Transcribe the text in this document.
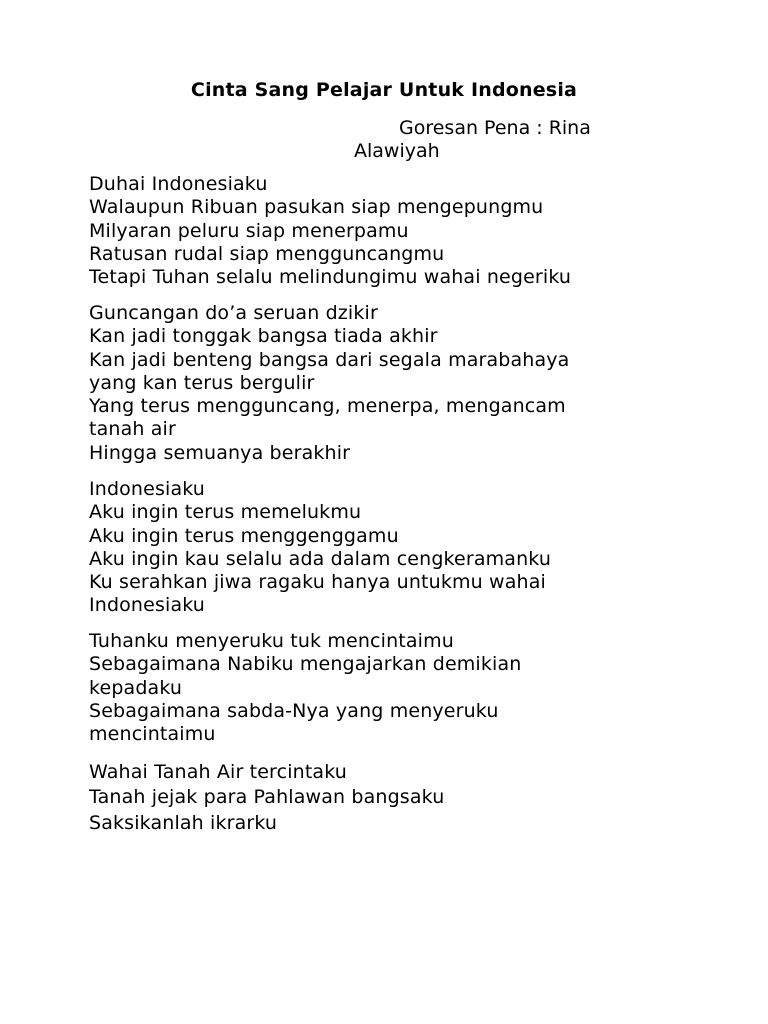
Cinta Sang Pelajar Untuk Indonesia
Goresan Pena : Rina Alawiyah
Duhai Indonesiaku
Walaupun Ribuan pasukan siap mengepungmu
Milyaran peluru siap menerpamu
Ratusan rudal siap mengguncangmu
Tetapi Tuhan selalu melindungimu wahai negeriku
Guncangan do’a seruan dzikir
Kan jadi tonggak bangsa tiada akhir
Kan jadi benteng bangsa dari segala marabahaya
yang kan terus bergulir
Yang terus mengguncang, menerpa, mengancam
tanah air
Hingga semuanya berakhir
Indonesiaku
Aku ingin terus memelukmu
Aku ingin terus menggenggamu
Aku ingin kau selalu ada dalam cengkeramanku
Ku serahkan jiwa ragaku hanya untukmu wahai
Indonesiaku
Tuhanku menyeruku tuk mencintaimu
Sebagaimana Nabiku mengajarkan demikian
kepadaku
Sebagaimana sabda-Nya yang menyeruku
mencintaimu
Wahai Tanah Air tercintaku
Tanah jejak para Pahlawan bangsaku
Saksikanlah ikrarku
